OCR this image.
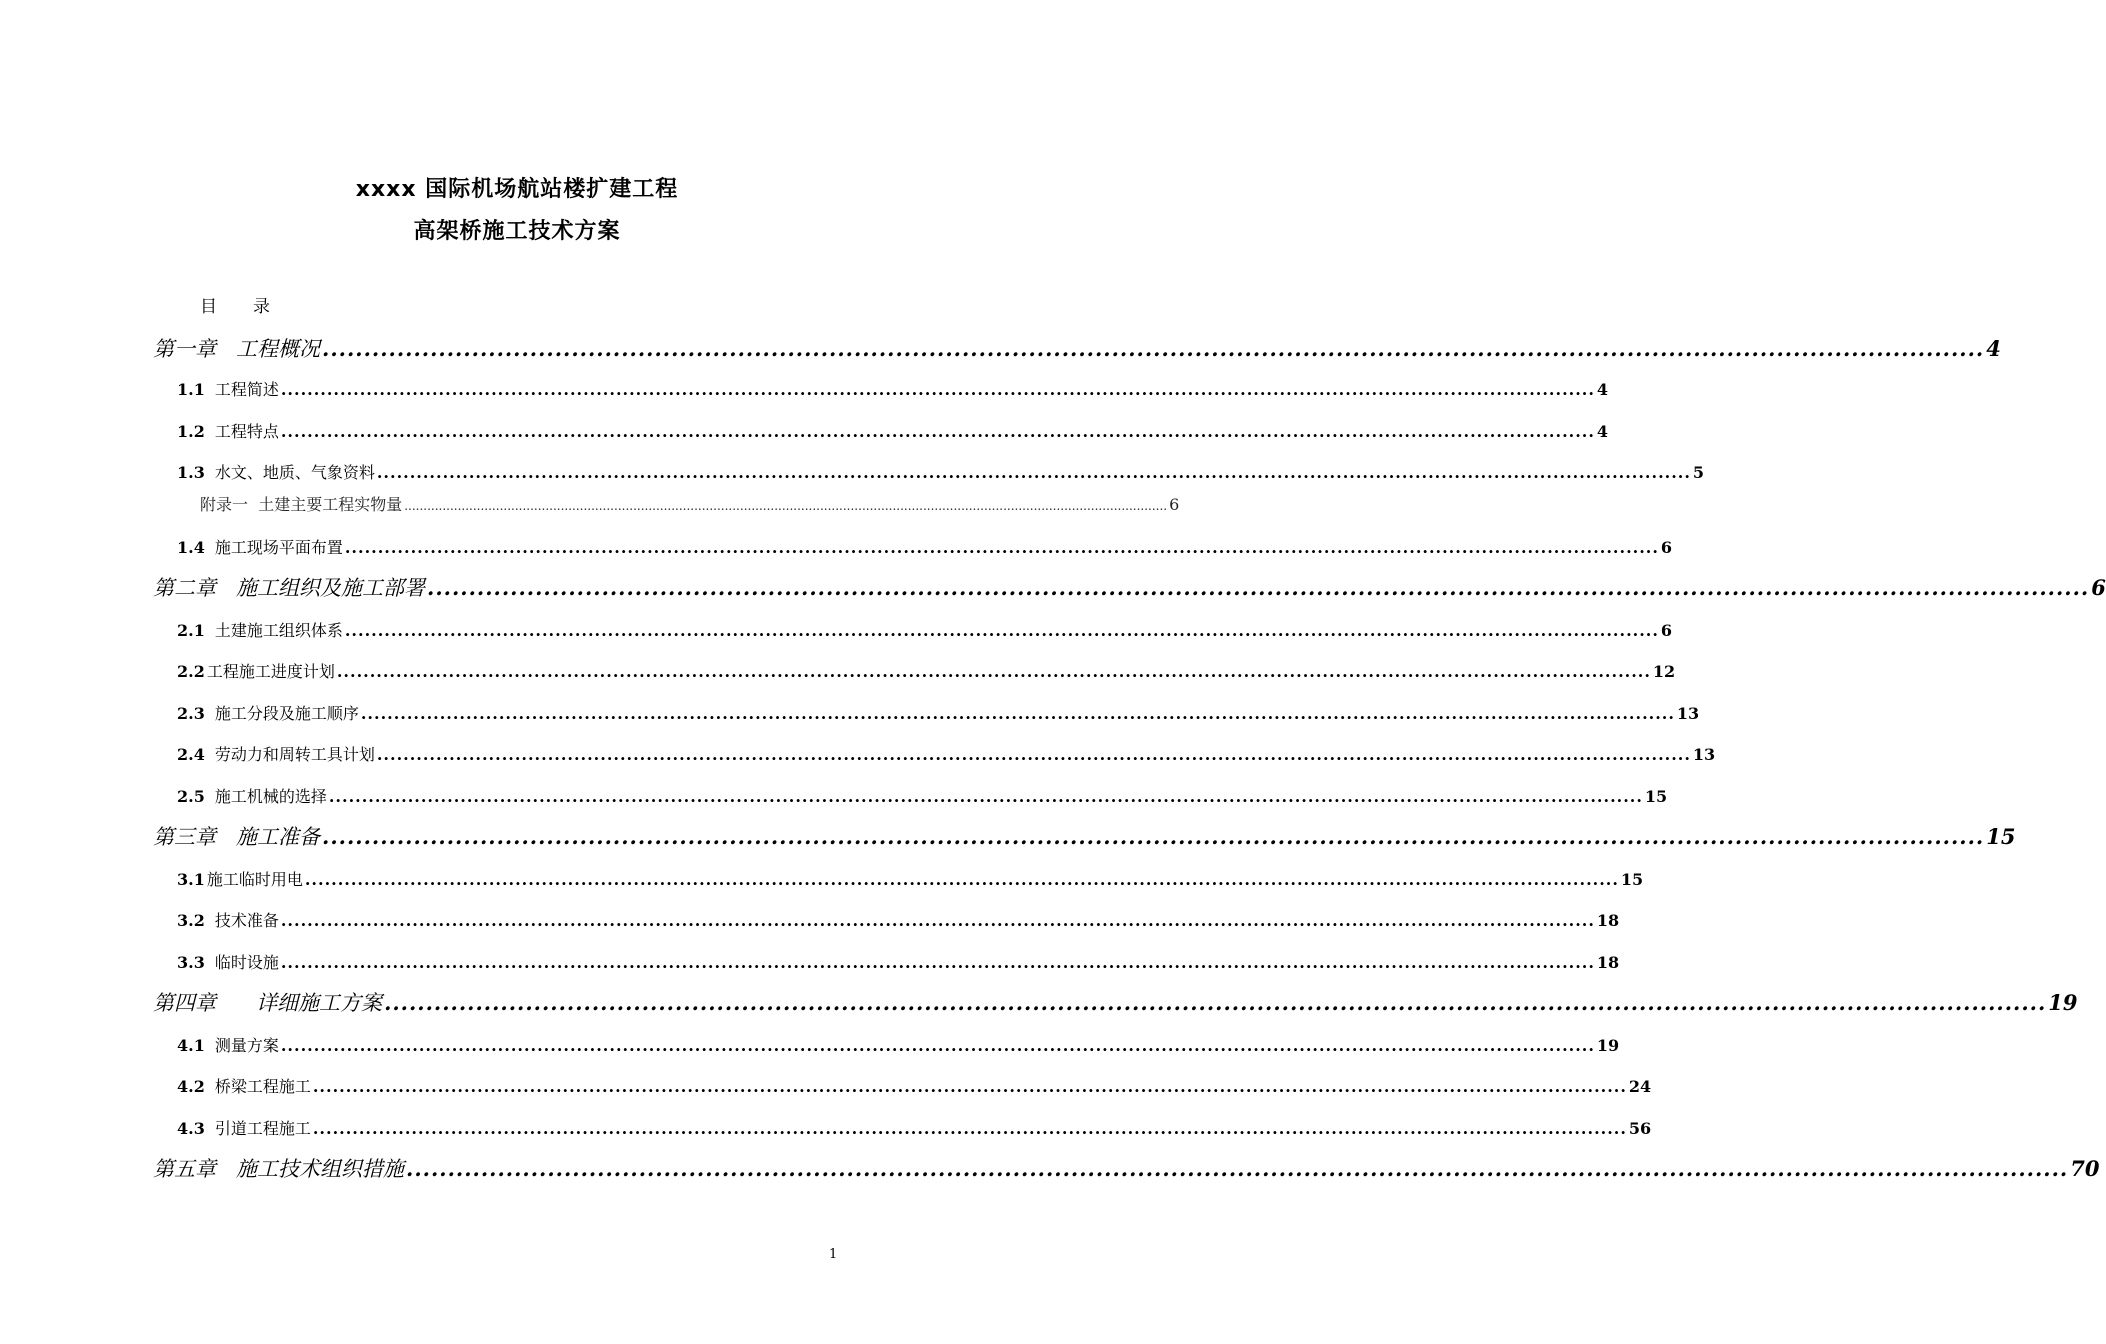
xxxx 国际机场航站楼扩建工程
高架桥施工技术方案
目 录
第一章 工程概况 ........................................................................................................................................................................................................ 4
1.1 工程简述 ........................................................................................................................................................................................................ 4
1.2 工程特点 ........................................................................................................................................................................................................ 4
1.3 水文、地质、气象资料 ........................................................................................................................................................................................................ 5
附录一 土建主要工程实物量 ........................................................................................................................................................................................................ 6
1.4 施工现场平面布置 ........................................................................................................................................................................................................ 6
第二章 施工组织及施工部署 ........................................................................................................................................................................................................ 6
2.1 土建施工组织体系 ........................................................................................................................................................................................................ 6
2.2 工程施工进度计划 ........................................................................................................................................................................................................ 12
2.3 施工分段及施工顺序 ........................................................................................................................................................................................................ 13
2.4 劳动力和周转工具计划 ........................................................................................................................................................................................................ 13
2.5 施工机械的选择 ........................................................................................................................................................................................................ 15
第三章 施工准备 ........................................................................................................................................................................................................ 15
3.1 施工临时用电 ........................................................................................................................................................................................................ 15
3.2 技术准备 ........................................................................................................................................................................................................ 18
3.3 临时设施 ........................................................................................................................................................................................................ 18
第四章 详细施工方案 ........................................................................................................................................................................................................ 19
4.1 测量方案 ........................................................................................................................................................................................................ 19
4.2 桥梁工程施工 ........................................................................................................................................................................................................ 24
4.3 引道工程施工 ........................................................................................................................................................................................................ 56
第五章 施工技术组织措施 ........................................................................................................................................................................................................ 70
1
